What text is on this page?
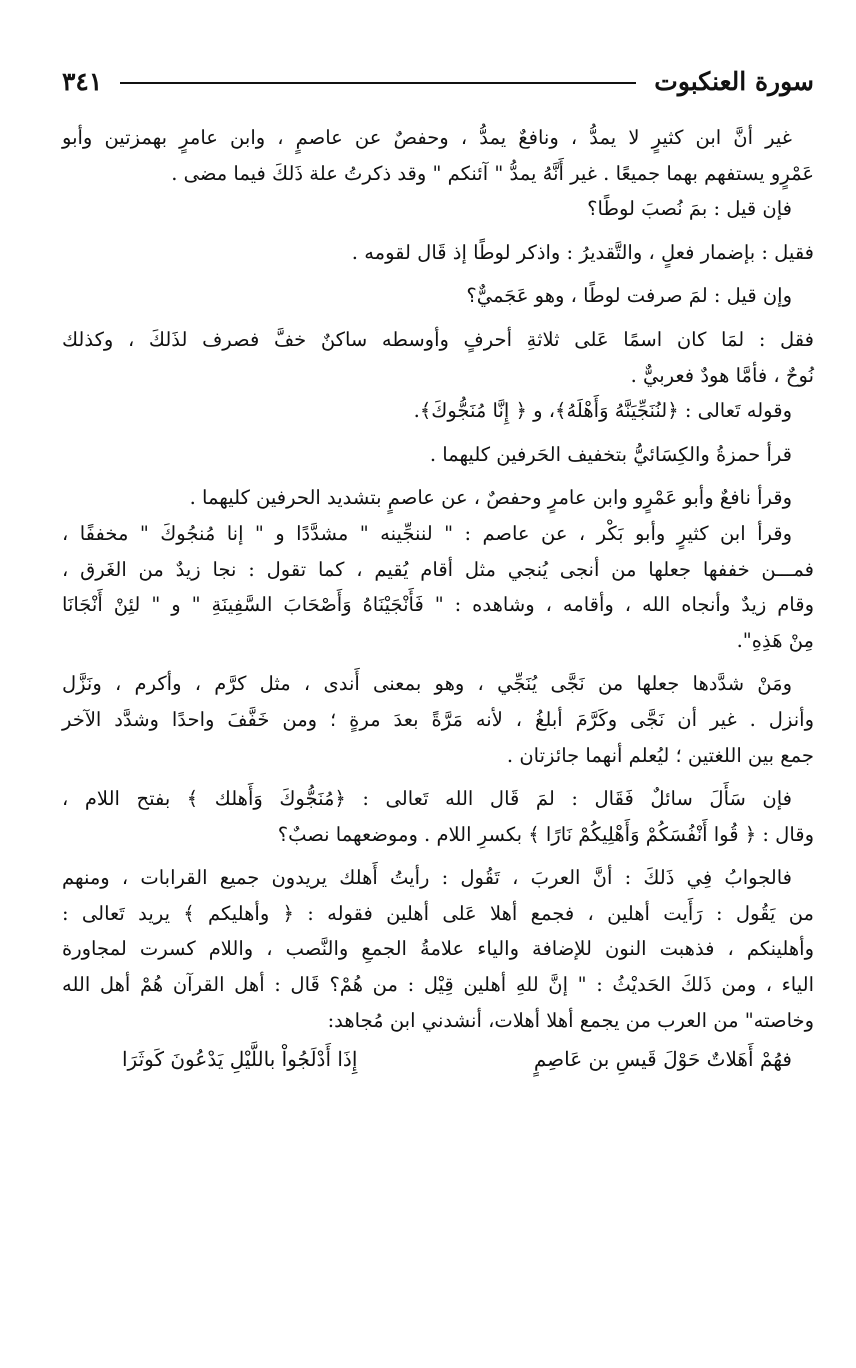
سورة العنكبوت
٣٤١
غير أنَّ ابن كثيرٍ لا يمدُّ ، ونافعٌ يمدُّ ، وحفصٌ عن عاصمٍ ، وابن عامرٍ بهمزتين وأبو
عَمْرٍو يستفهم بهما جميعًا . غير أَنَّهُ يمدُّ " آئنكم " وقد ذكرتُ علة ذَلكَ فيما مضى .
فإن قيل : بمَ نُصبَ لوطًا؟
فقيل : بإضمار فعلٍ ، والتَّقديرُ : واذكر لوطًا إذ قَال لقومه .
وإن قيل : لمَ صرفت لوطًا ، وهو عَجَميٌّ؟
فقل : لمَا كان اسمًا عَلى ثلاثةِ أحرفٍ وأوسطه ساكنٌ خفَّ فصرف لذَلكَ ، وكذلك
نُوحٌ ، فأمَّا هودٌ فعربيٌّ .
وقوله تَعالى : ﴿لنُنَجِّيَنَّهُ وَأَهْلَهُ﴾، و ﴿ إِنَّا مُنَجُّوكَ﴾.
قرأ حمزةُ والكِسَائيُّ بتخفيف الحَرفين كليهما .
وقرأ نافعٌ وأبو عَمْرٍو وابن عامرٍ وحفصٌ ، عن عاصمٍ بتشديد الحرفين كليهما .
وقرأ ابن كثيرٍ وأبو بَكْر ، عن عاصم : " لننجِّينه " مشدَّدًا و " إنا مُنجُوكَ " مخففًا ،
فمـــن خففها جعلها من أنجى يُنجي مثل أقام يُقيم ، كما تقول : نجا زيدٌ من الغَرق ،
وقام زيدٌ وأنجاه الله ، وأقامه ، وشاهده : " فَأَنْجَيْنَاهُ وَأَصْحَابَ السَّفِينَةِ " و " لئِنْ أَنْجَانَا
مِنْ هَذِهِ".
ومَنْ شدَّدها جعلها من نَجَّى يُنَجِّي ، وهو بمعنى أَندى ، مثل كرَّم ، وأكرم ، ونَزَّل
وأنزل . غير أن نَجَّى وكَرَّمَ أبلغُ ، لأنه مَرَّةً بعدَ مرةٍ ؛ ومن خَفَّفَ واحدًا وشدَّد الآخر
جمع بين اللغتين ؛ ليُعلم أنهما جائزتان .
فإن سَأَلَ سائلٌ فَقَال : لمَ قَال الله تَعالى : ﴿مُنَجُّوكَ وَأَهلك ﴾ بفتح اللام ،
وقال : ﴿ قُوا أَنْفُسَكُمْ وَأَهْلِيكُمْ نَارًا ﴾ بكسرِ اللام . وموضعهما نصبٌ؟
فالجوابُ فِي ذَلكَ : أنَّ العربَ ، تَقُول : رأيتُ أَهلك يريدون جميع القرابات ، ومنهم
من يَقُول : رَأَيت أهلين ، فجمع أهلا عَلى أهلين فقوله : ﴿ وأهليكم ﴾ يريد تَعالى :
وأهلينكم ، فذهبت النون للإضافة والياء علامةُ الجمعِ والنَّصب ، واللام كسرت لمجاورة
الياء ، ومن ذَلكَ الحَديْثُ : " إنَّ للهِ أهلين قِيْل : من هُمْ؟ قَال : أهل القرآن هُمْ أهل الله
وخاصته" من العرب من يجمع أهلا أهلات، أنشدني ابن مُجاهد:
فهُمْ أَهَلاتٌ حَوْلَ قَيسِ بن عَاصِمٍ
إِذَا أَدْلَجُواْ باللَّيْلِ يَدْعُونَ كَوثَرَا
